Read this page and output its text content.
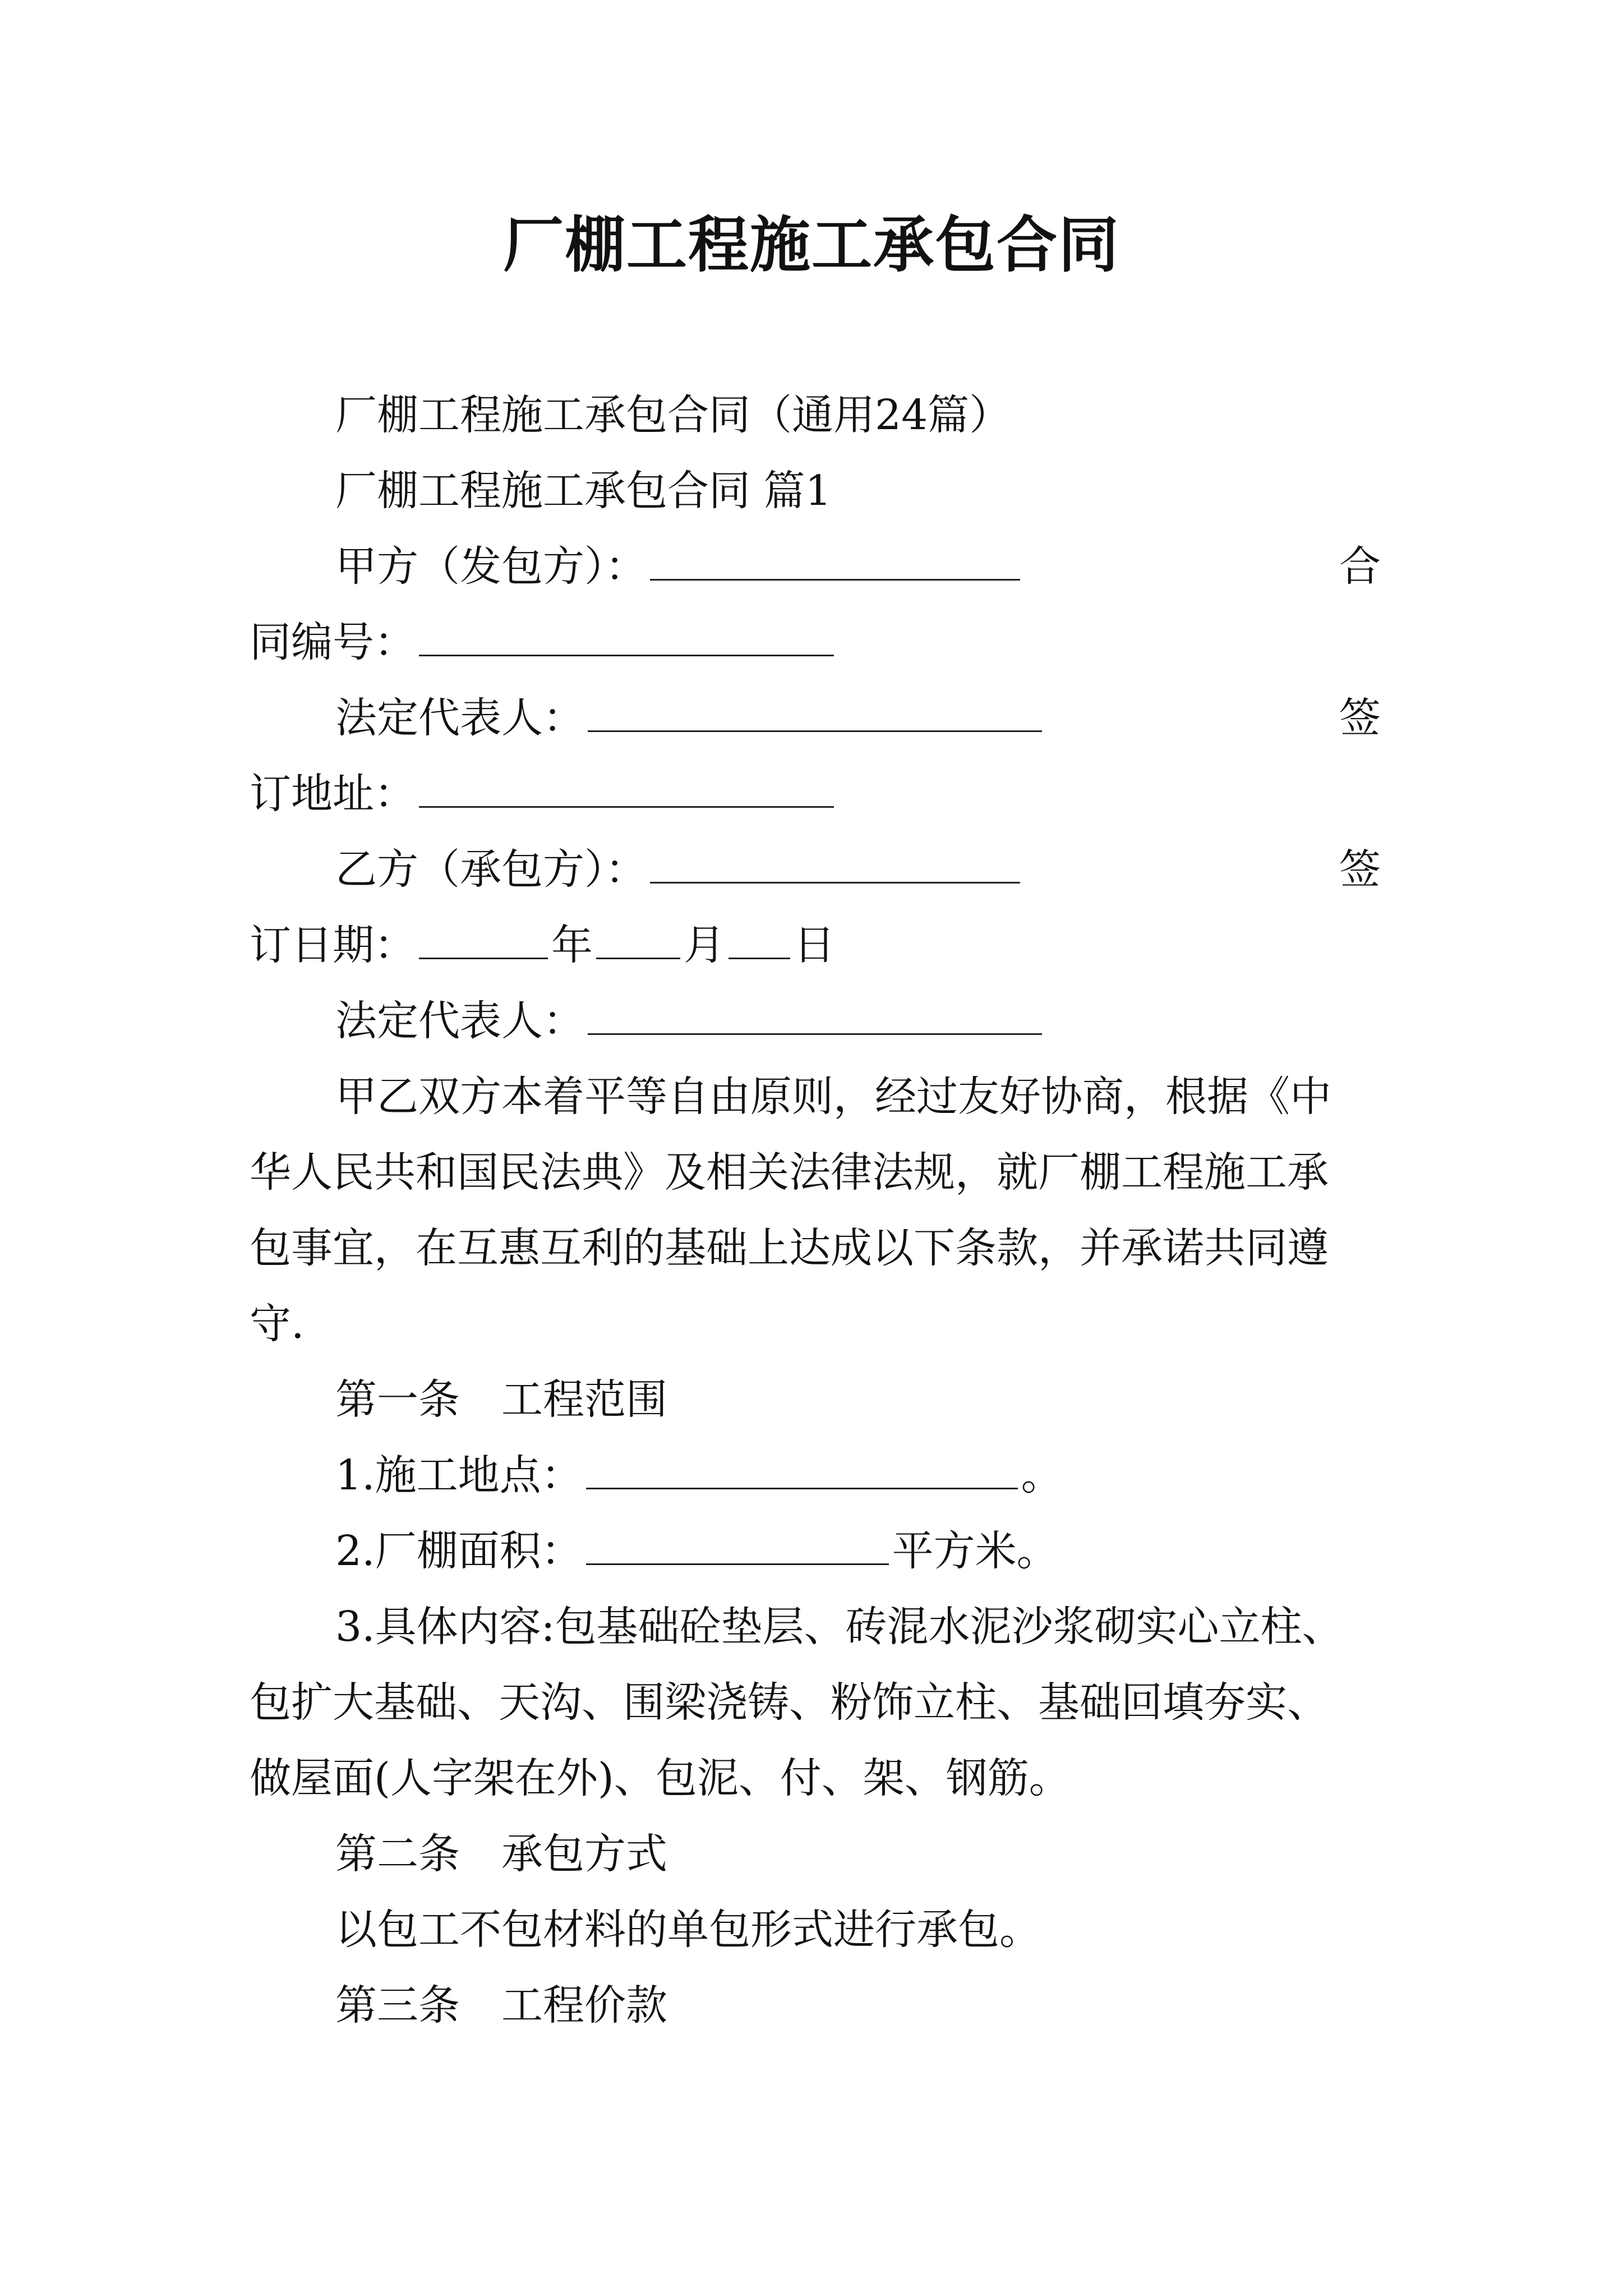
厂棚工程施工承包合同
厂棚工程施工承包合同（通用24篇）
厂棚工程施工承包合同 篇1
甲方（发包方）：	合
同编号：
法定代表人：	签
订地址：
乙方（承包方）：	签
订日期：	年 月 日
法定代表人：
甲乙双方本着平等自由原则，经过友好协商，根据《中
华人民共和国民法典》及相关法律法规，就厂棚工程施工承
包事宜，在互惠互利的基础上达成以下条款，并承诺共同遵
守.
第一条　工程范围
1.施工地点：	。
2.厂棚面积：	平方米。
3.具体内容:包基础砼垫层、砖混水泥沙浆砌实心立柱、
包扩大基础、天沟、围梁浇铸、粉饰立柱、基础回填夯实、
做屋面(人字架在外)、包泥、付、架、钢筋。
第二条　承包方式
以包工不包材料的单包形式进行承包。
第三条　工程价款
